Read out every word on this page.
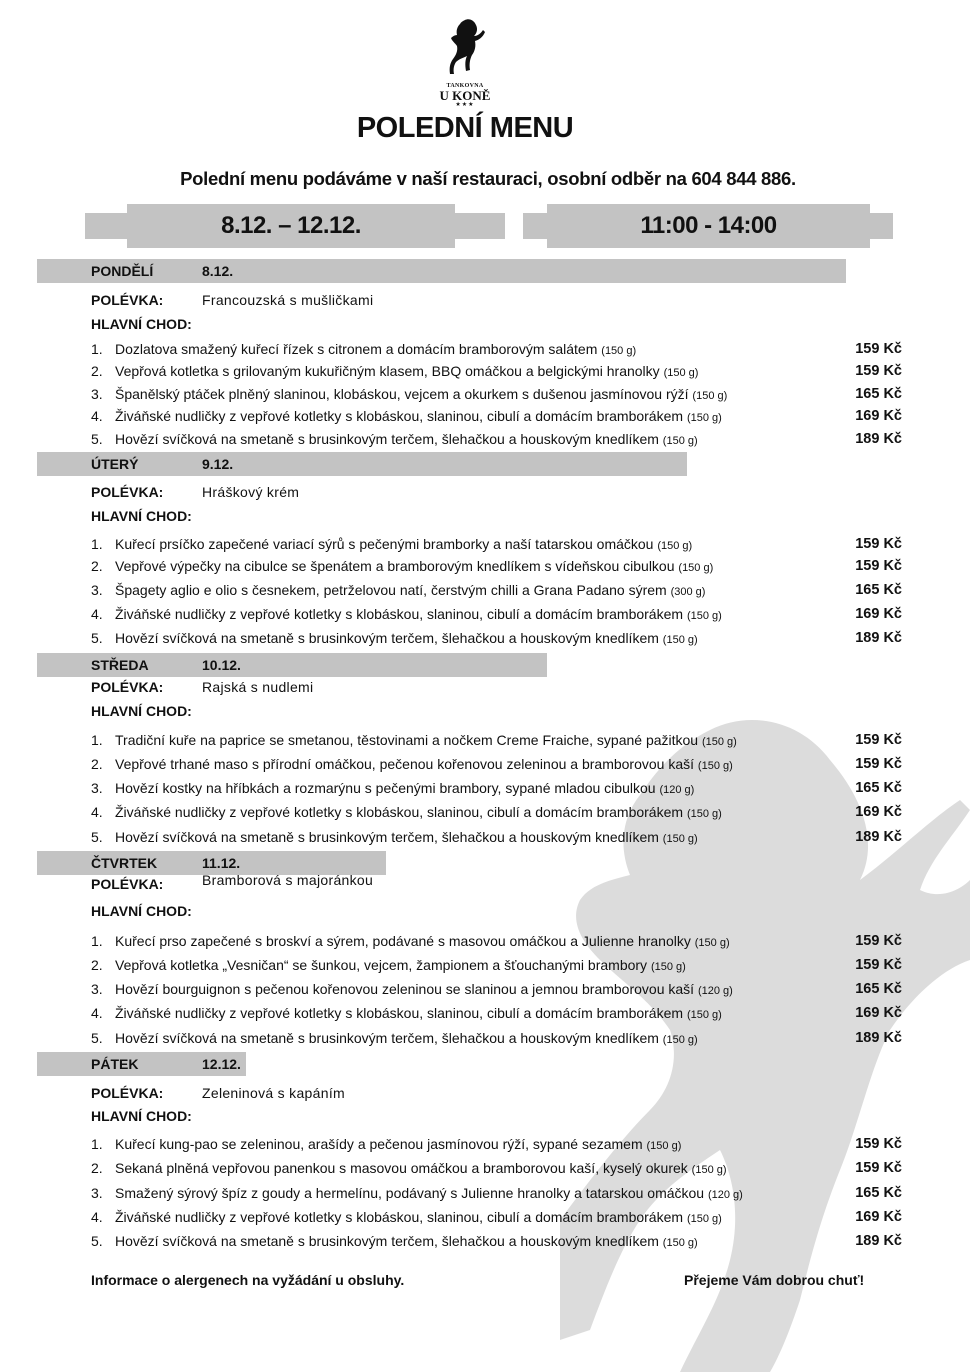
TANKOVNA
U KONĚ
★★★
POLEDNÍ MENU
Polední menu podáváme v naší restauraci, osobní odběr na 604 844 886.
8.12. – 12.12.	11:00 - 14:00
PONDĚLÍ	8.12.
POLÉVKA:	Francouzská s mušličkami
HLAVNÍ CHOD:
1. Dozlatova smažený kuřecí řízek s citronem a domácím bramborovým salátem (150 g)	159 Kč
2. Vepřová kotletka s grilovaným kukuřičným klasem, BBQ omáčkou a belgickými hranolky (150 g)	159 Kč
3. Španělský ptáček plněný slaninou, klobáskou, vejcem a okurkem s dušenou jasmínovou rýží (150 g)	165 Kč
4. Živáňské nudličky z vepřové kotletky s klobáskou, slaninou, cibulí a domácím bramborákem (150 g)	169 Kč
5. Hovězí svíčková na smetaně s brusinkovým terčem, šlehačkou a houskovým knedlíkem (150 g)	189 Kč
ÚTERÝ	9.12.
POLÉVKA:	Hráškový krém
HLAVNÍ CHOD:
1. Kuřecí prsíčko zapečené variací sýrů s pečenými bramborky a naší tatarskou omáčkou (150 g)	159 Kč
2. Vepřové výpečky na cibulce se špenátem a bramborovým knedlíkem s vídeňskou cibulkou (150 g)	159 Kč
3. Špagety aglio e olio s česnekem, petrželovou natí, čerstvým chilli a Grana Padano sýrem (300 g)	165 Kč
4. Živáňské nudličky z vepřové kotletky s klobáskou, slaninou, cibulí a domácím bramborákem (150 g)	169 Kč
5. Hovězí svíčková na smetaně s brusinkovým terčem, šlehačkou a houskovým knedlíkem (150 g)	189 Kč
STŘEDA	10.12.
POLÉVKA:	Rajská s nudlemi
HLAVNÍ CHOD:
1. Tradiční kuře na paprice se smetanou, těstovinami a nočkem Creme Fraiche, sypané pažitkou (150 g)	159 Kč
2. Vepřové trhané maso s přírodní omáčkou, pečenou kořenovou zeleninou a bramborovou kaší (150 g)	159 Kč
3. Hovězí kostky na hříbkách a rozmarýnu s pečenými brambory, sypané mladou cibulkou (120 g)	165 Kč
4. Živáňské nudličky z vepřové kotletky s klobáskou, slaninou, cibulí a domácím bramborákem (150 g)	169 Kč
5. Hovězí svíčková na smetaně s brusinkovým terčem, šlehačkou a houskovým knedlíkem (150 g)	189 Kč
ČTVRTEK	11.12.
POLÉVKA:	Bramborová s majoránkou
HLAVNÍ CHOD:
1. Kuřecí prso zapečené s broskví a sýrem, podávané s masovou omáčkou a Julienne hranolky (150 g)	159 Kč
2. Vepřová kotletka „Vesničan“ se šunkou, vejcem, žampionem a šťouchanými brambory (150 g)	159 Kč
3. Hovězí bourguignon s pečenou kořenovou zeleninou se slaninou a jemnou bramborovou kaší (120 g)	165 Kč
4. Živáňské nudličky z vepřové kotletky s klobáskou, slaninou, cibulí a domácím bramborákem (150 g)	169 Kč
5. Hovězí svíčková na smetaně s brusinkovým terčem, šlehačkou a houskovým knedlíkem (150 g)	189 Kč
PÁTEK	12.12.
POLÉVKA:	Zeleninová s kapáním
HLAVNÍ CHOD:
1. Kuřecí kung-pao se zeleninou, arašídy a pečenou jasmínovou rýží, sypané sezamem (150 g)	159 Kč
2. Sekaná plněná vepřovou panenkou s masovou omáčkou a bramborovou kaší, kyselý okurek (150 g)	159 Kč
3. Smažený sýrový špíz z goudy a hermelínu, podávaný s Julienne hranolky a tatarskou omáčkou (120 g)	165 Kč
4. Živáňské nudličky z vepřové kotletky s klobáskou, slaninou, cibulí a domácím bramborákem (150 g)	169 Kč
5. Hovězí svíčková na smetaně s brusinkovým terčem, šlehačkou a houskovým knedlíkem (150 g)	189 Kč
Informace o alergenech na vyžádání u obsluhy.	Přejeme Vám dobrou chuť!
